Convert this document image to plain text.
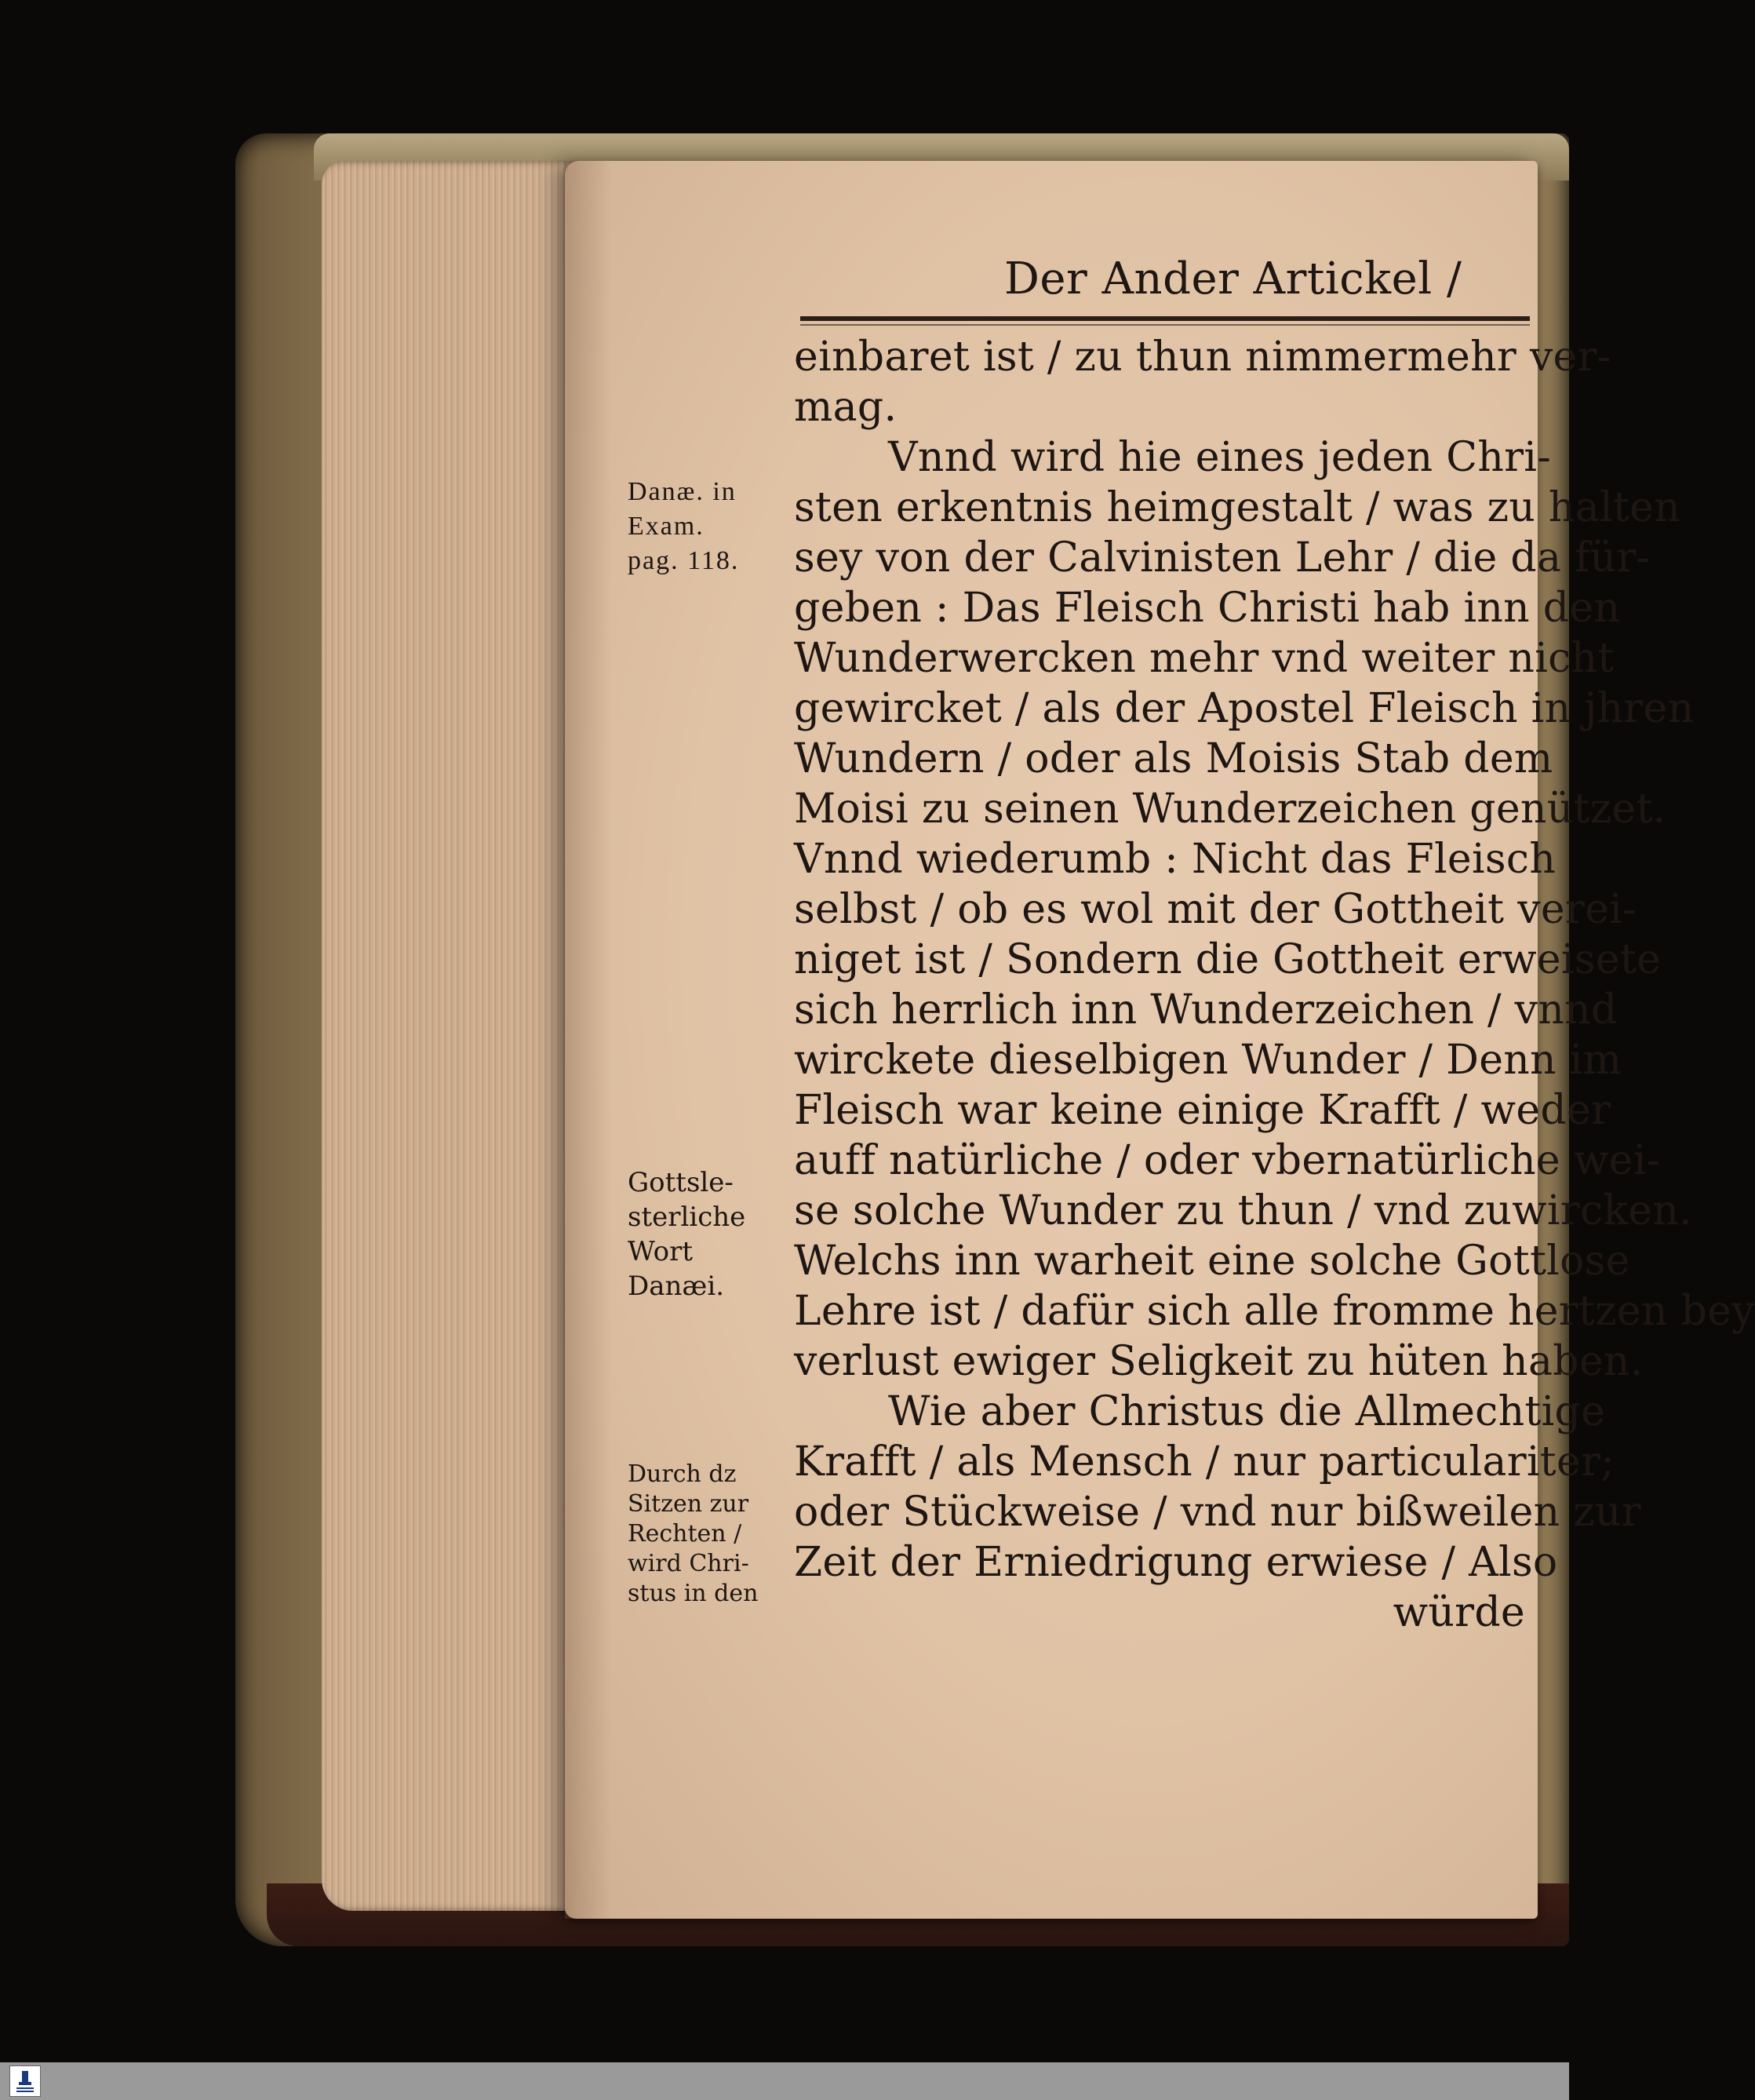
Der Ander Artickel /
Danæ. in
Exam.
pag. 118.
Gottsle-
sterliche
Wort
Danæi.
Durch dz
Sitzen zur
Rechten /
wird Chri-
stus in den
einbaret ist / zu thun nimmermehr ver-
mag.
Vnnd wird hie eines jeden Chri-
sten erkentnis heimgestalt / was zu halten
sey von der Calvinisten Lehr / die da für-
geben : Das Fleisch Christi hab inn den
Wunderwercken mehr vnd weiter nicht
gewircket / als der Apostel Fleisch in jhren
Wundern / oder als Moisis Stab dem
Moisi zu seinen Wunderzeichen genützet.
Vnnd wiederumb : Nicht das Fleisch
selbst / ob es wol mit der Gottheit verei-
niget ist / Sondern die Gottheit erweisete
sich herrlich inn Wunderzeichen / vnnd
wirckete dieselbigen Wunder / Denn im
Fleisch war keine einige Krafft / weder
auff natürliche / oder vbernatürliche wei-
se solche Wunder zu thun / vnd zuwircken.
Welchs inn warheit eine solche Gottlose
Lehre ist / dafür sich alle fromme hertzen bey
verlust ewiger Seligkeit zu hüten haben.
Wie aber Christus die Allmechtige
Krafft / als Mensch / nur particulariter;
oder Stückweise / vnd nur bißweilen zur
Zeit der Erniedrigung erwiese / Also
würde
